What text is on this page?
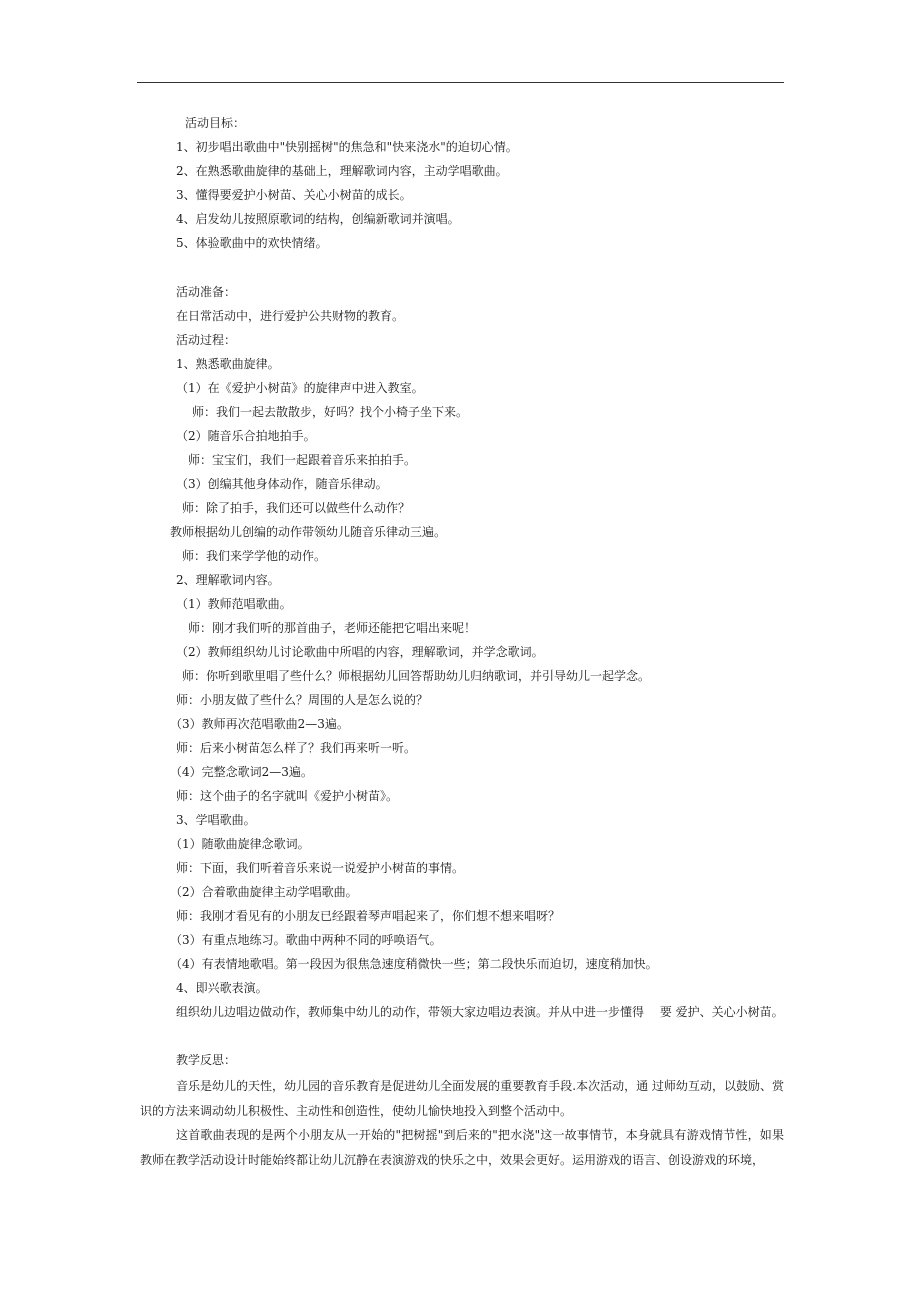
活动目标：
1、初步唱出歌曲中"快别摇树"的焦急和"快来浇水"的迫切心情。
2、在熟悉歌曲旋律的基础上，理解歌词内容，主动学唱歌曲。
3、懂得要爱护小树苗、关心小树苗的成长。
4、启发幼儿按照原歌词的结构，创编新歌词并演唱。
5、体验歌曲中的欢快情绪。
活动准备：
在日常活动中，进行爱护公共财物的教育。
活动过程：
1、熟悉歌曲旋律。
（1）在《爱护小树苗》的旋律声中进入教室。
师：我们一起去散散步，好吗？找个小椅子坐下来。
（2）随音乐合拍地拍手。
师：宝宝们，我们一起跟着音乐来拍拍手。
（3）创编其他身体动作，随音乐律动。
师：除了拍手，我们还可以做些什么动作？
教师根据幼儿创编的动作带领幼儿随音乐律动三遍。
师：我们来学学他的动作。
2、理解歌词内容。
（1）教师范唱歌曲。
师：刚才我们听的那首曲子，老师还能把它唱出来呢！
（2）教师组织幼儿讨论歌曲中所唱的内容，理解歌词，并学念歌词。
师：你听到歌里唱了些什么？师根据幼儿回答帮助幼儿归纳歌词，并引导幼儿一起学念。
师：小朋友做了些什么？周围的人是怎么说的？
（3）教师再次范唱歌曲2—3遍。
师：后来小树苗怎么样了？我们再来听一听。
（4）完整念歌词2—3遍。
师：这个曲子的名字就叫《爱护小树苗》。
3、学唱歌曲。
（1）随歌曲旋律念歌词。
师：下面，我们听着音乐来说一说爱护小树苗的事情。
（2）合着歌曲旋律主动学唱歌曲。
师：我刚才看见有的小朋友已经跟着琴声唱起来了，你们想不想来唱呀？
（3）有重点地练习。歌曲中两种不同的呼唤语气。
（4）有表情地歌唱。第一段因为很焦急速度稍微快一些；第二段快乐而迫切，速度稍加快。
4、即兴歌表演。
组织幼儿边唱边做动作，教师集中幼儿的动作，带领大家边唱边表演。并从中进一步懂得　 要 爱护、关心小树苗。
教学反思：
音乐是幼儿的天性，幼儿园的音乐教育是促进幼儿全面发展的重要教育手段.本次活动，通 过师幼互动，以鼓励、赏识的方法来调动幼儿积极性、主动性和创造性，使幼儿愉快地投入到整个活动中。
这首歌曲表现的是两个小朋友从一开始的"把树摇"到后来的"把水浇"这一故事情节，本身就具有游戏情节性，如果教师在教学活动设计时能始终都让幼儿沉静在表演游戏的快乐之中，效果会更好。运用游戏的语言、创设游戏的环境，
